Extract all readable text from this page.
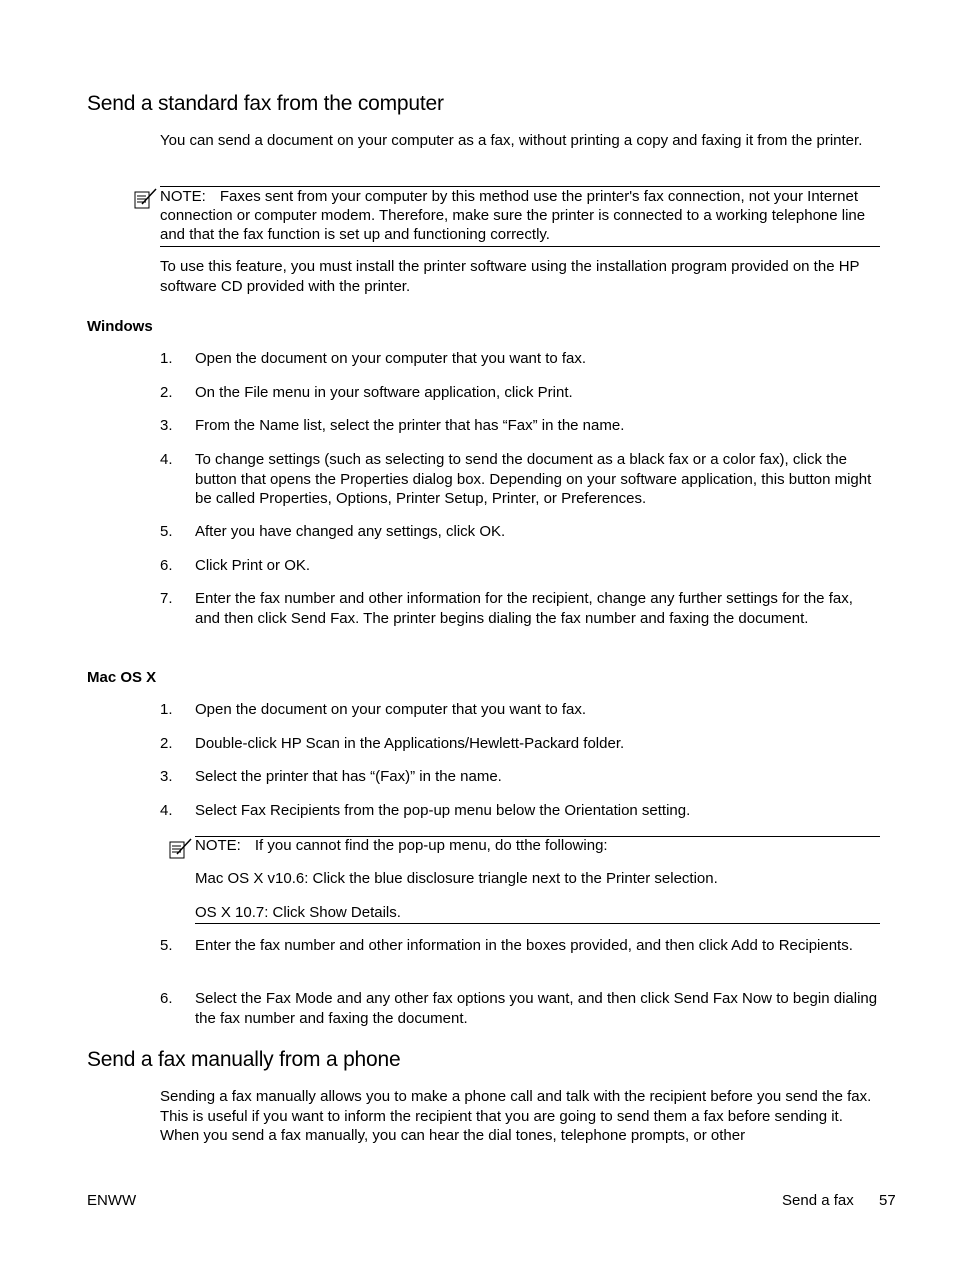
Send a standard fax from the computer

You can send a document on your computer as a fax, without printing a copy and faxing it from the printer.

NOTE: Faxes sent from your computer by this method use the printer's fax connection, not your Internet connection or computer modem. Therefore, make sure the printer is connected to a working telephone line and that the fax function is set up and functioning correctly.

To use this feature, you must install the printer software using the installation program provided on the HP software CD provided with the printer.

Windows
1.	Open the document on your computer that you want to fax.
2.	On the File menu in your software application, click Print.
3.	From the Name list, select the printer that has “Fax” in the name.
4.	To change settings (such as selecting to send the document as a black fax or a color fax), click the button that opens the Properties dialog box. Depending on your software application, this button might be called Properties, Options, Printer Setup, Printer, or Preferences.
5.	After you have changed any settings, click OK.
6.	Click Print or OK.
7.	Enter the fax number and other information for the recipient, change any further settings for the fax, and then click Send Fax. The printer begins dialing the fax number and faxing the document.
Mac OS X
1.	Open the document on your computer that you want to fax.
2.	Double-click HP Scan in the Applications/Hewlett-Packard folder.
3.	Select the printer that has “(Fax)” in the name.
4.	Select Fax Recipients from the pop-up menu below the Orientation setting.
5.	Enter the fax number and other information in the boxes provided, and then click Add to Recipients.
6.	Select the Fax Mode and any other fax options you want, and then click Send Fax Now to begin dialing the fax number and faxing the document.

NOTE: If you cannot find the pop-up menu, do tthe following:

Mac OS X v10.6: Click the blue disclosure triangle next to the Printer selection.

OS X 10.7: Click Show Details.

Send a fax manually from a phone

Sending a fax manually allows you to make a phone call and talk with the recipient before you send the fax. This is useful if you want to inform the recipient that you are going to send them a fax before sending it. When you send a fax manually, you can hear the dial tones, telephone prompts, or other

ENWW	Send a fax 57
